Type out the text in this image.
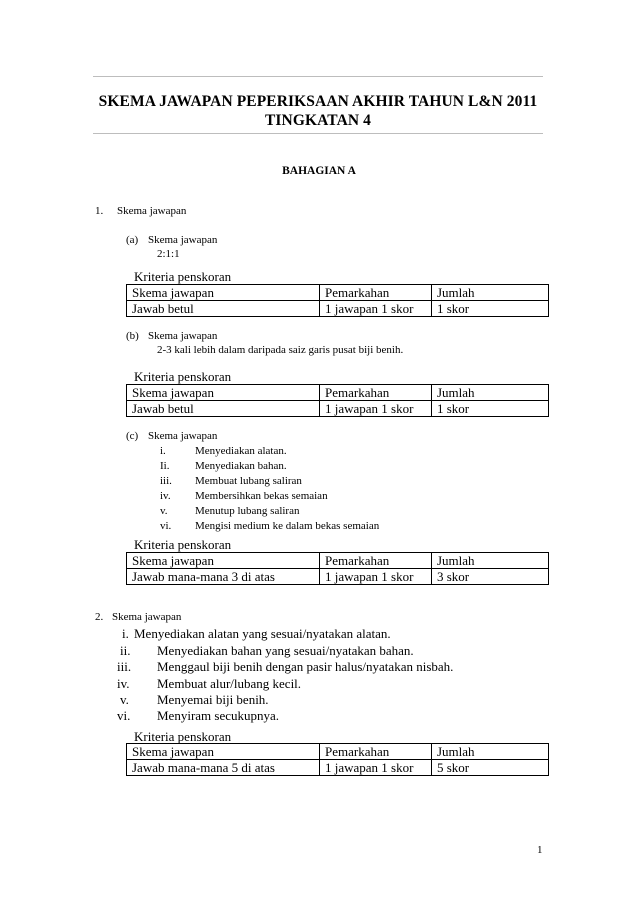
SKEMA JAWAPAN PEPERIKSAAN AKHIR TAHUN L&N 2011
TINGKATAN 4
BAHAGIAN A
1. Skema jawapan
(a) Skema jawapan
2:1:1
Kriteria penskoran
Skema jawapan	Pemarkahan	Jumlah
Jawab betul	1 jawapan 1 skor	1 skor
(b) Skema jawapan
2-3 kali lebih dalam daripada saiz garis pusat biji benih.
Kriteria penskoran
Skema jawapan	Pemarkahan	Jumlah
Jawab betul	1 jawapan 1 skor	1 skor
(c) Skema jawapan
i.	Menyediakan alatan.
Ii. Menyediakan bahan.
iii. Membuat lubang saliran
iv. Membersihkan bekas semaian
v. Menutup lubang saliran
vi. Mengisi medium ke dalam bekas semaian
Kriteria penskoran
Skema jawapan	Pemarkahan	Jumlah
Jawab mana-mana 3 di atas	1 jawapan 1 skor	3 skor
2. Skema jawapan
i. Menyediakan alatan yang sesuai/nyatakan alatan.
ii. Menyediakan bahan yang sesuai/nyatakan bahan.
iii. Menggaul biji benih dengan pasir halus/nyatakan nisbah.
iv. Membuat alur/lubang kecil.
v. Menyemai biji benih.
vi. Menyiram secukupnya.
Kriteria penskoran
Skema jawapan	Pemarkahan	Jumlah
Jawab mana-mana 5 di atas	1 jawapan 1 skor	5 skor
1
